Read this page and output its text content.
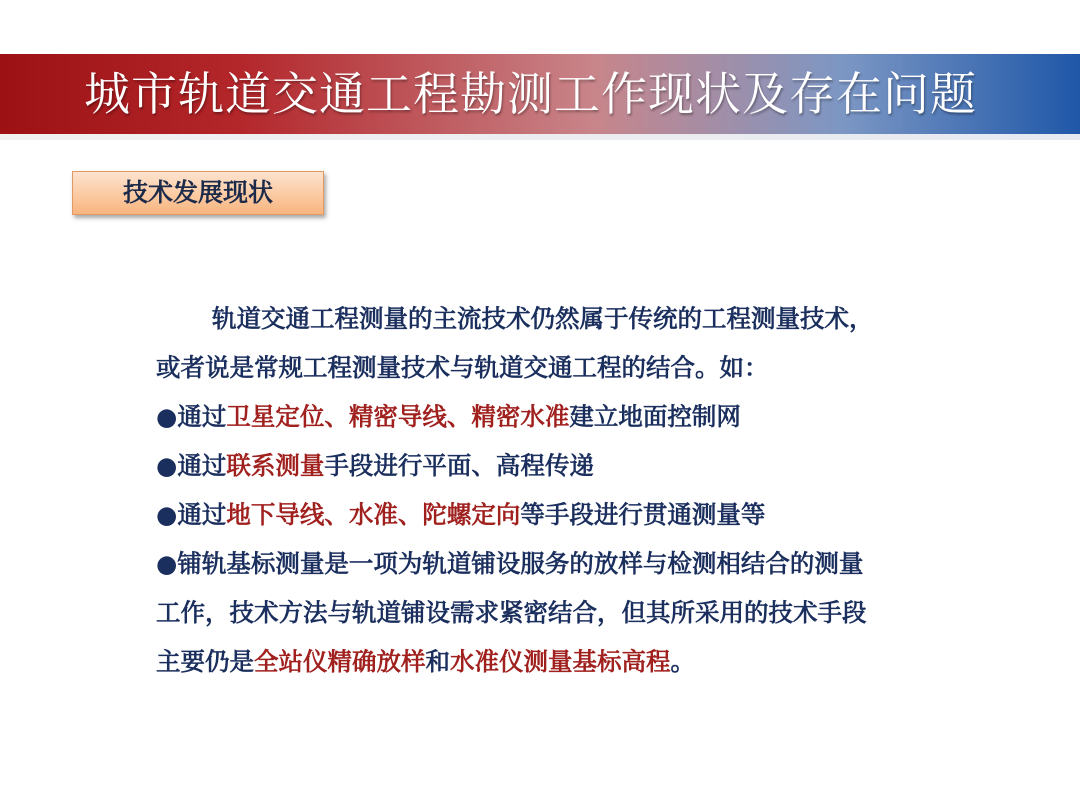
城市轨道交通工程勘测工作现状及存在问题
技术发展现状

轨道交通工程测量的主流技术仍然属于传统的工程测量技术，

或者说是常规工程测量技术与轨道交通工程的结合。如：

●通过卫星定位、精密导线、精密水准建立地面控制网

●通过联系测量手段进行平面、高程传递

●通过地下导线、水准、陀螺定向等手段进行贯通测量等

●铺轨基标测量是一项为轨道铺设服务的放样与检测相结合的测量

工作，技术方法与轨道铺设需求紧密结合，但其所采用的技术手段

主要仍是全站仪精确放样和水准仪测量基标高程。
